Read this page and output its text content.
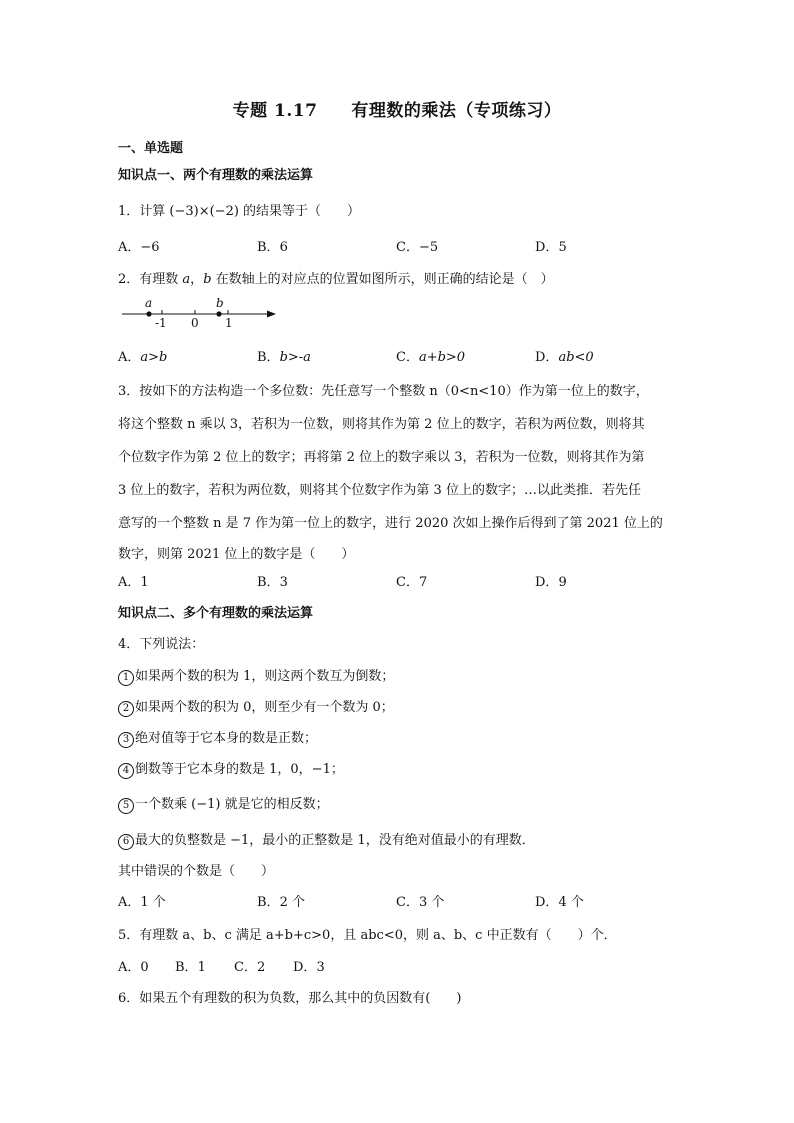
专题 1.17 有理数的乘法（专项练习）
一、单选题
知识点一、两个有理数的乘法运算
1．计算 (−3)×(−2) 的结果等于（　　）
A．−6	B．6	C．−5	D．5
2．有理数 a，b 在数轴上的对应点的位置如图所示，则正确的结论是（　）
a	b
-1 0 1
A．a>b	B．b>-a	C．a+b>0	D．ab<0
3．按如下的方法构造一个多位数：先任意写一个整数 n（0<n<10）作为第一位上的数字，
将这个整数 n 乘以 3，若积为一位数，则将其作为第 2 位上的数字，若积为两位数，则将其
个位数字作为第 2 位上的数字；再将第 2 位上的数字乘以 3，若积为一位数，则将其作为第
3 位上的数字，若积为两位数，则将其个位数字作为第 3 位上的数字；…以此类推．若先任
意写的一个整数 n 是 7 作为第一位上的数字，进行 2020 次如上操作后得到了第 2021 位上的
数字，则第 2021 位上的数字是（　　）
A．1	B．3	C．7	D．9
知识点二、多个有理数的乘法运算
4．下列说法：
1 如果两个数的积为 1，则这两个数互为倒数；
2 如果两个数的积为 0，则至少有一个数为 0；
3 绝对值等于它本身的数是正数；
4 倒数等于它本身的数是 1，0，−1；
5 一个数乘 (−1) 就是它的相反数；
6 最大的负整数是 −1，最小的正整数是 1，没有绝对值最小的有理数．
其中错误的个数是（　　）
A．1 个	B．2 个	C．3 个	D．4 个
5．有理数 a、b、c 满足 a+b+c>0，且 abc<0，则 a、b、c 中正数有（　　）个．
A．0 B．1 C．2 D．3
6．如果五个有理数的积为负数，那么其中的负因数有(　　)
